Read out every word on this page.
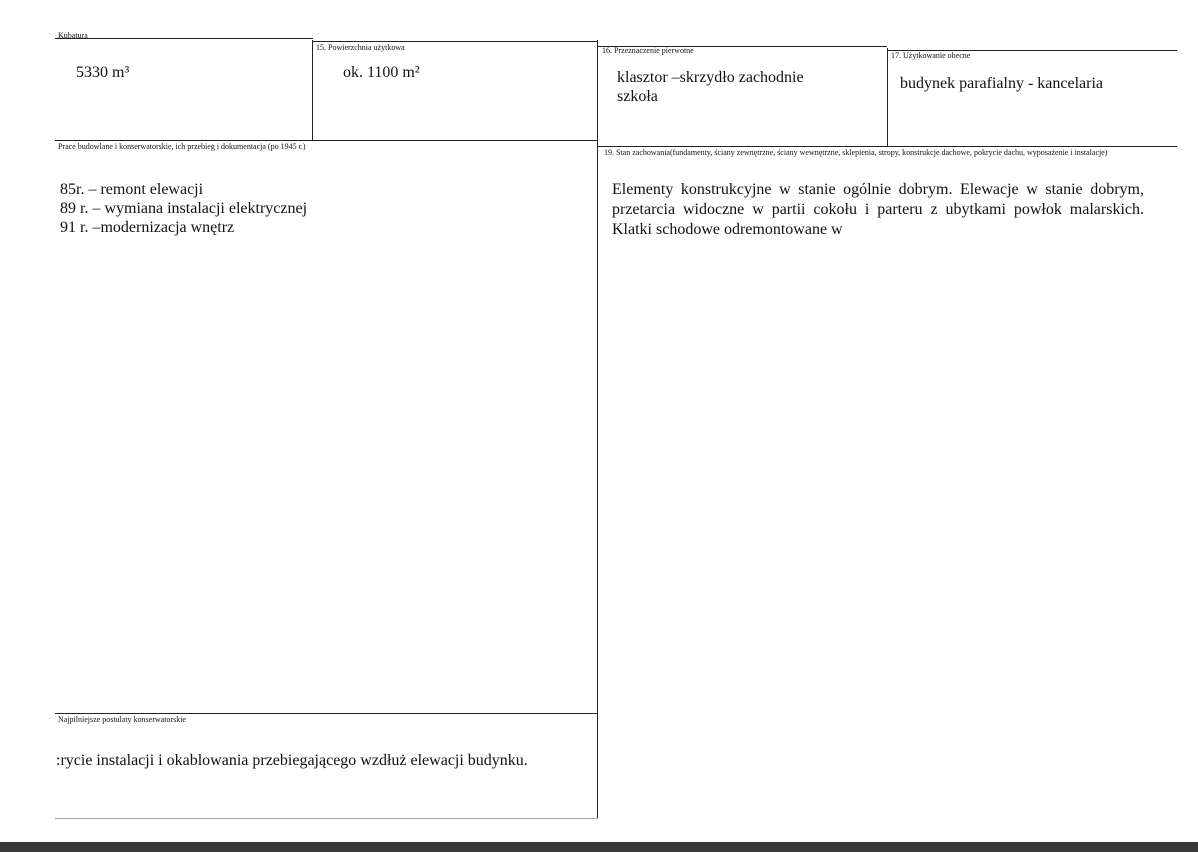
Kubatura
5330 m³
15. Powierzchnia użytkowa
ok. 1100 m²
16. Przeznaczenie pierwotne
klasztor –skrzydło zachodnie
szkoła
17. Użytkowanie obecne
budynek parafialny - kancelaria
Prace budowlane i konserwatorskie, ich przebieg i dokumentacja (po 1945 r.)
85r. – remont elewacji
89 r. – wymiana instalacji elektrycznej
91 r. –modernizacja wnętrz
19. Stan zachowania(fundamenty, ściany zewnętrzne, ściany wewnętrzne, sklepienia, stropy, konstrukcje dachowe, pokrycie dachu, wyposażenie i instalacje)
Elementy konstrukcyjne w stanie ogólnie dobrym. Elewacje w stanie dobrym, przetarcia widoczne w partii cokołu i parteru z ubytkami powłok malarskich. Klatki schodowe odremontowane w
Najpilniejsze postulaty konserwatorskie
:rycie instalacji i okablowania przebiegającego wzdłuż elewacji budynku.
